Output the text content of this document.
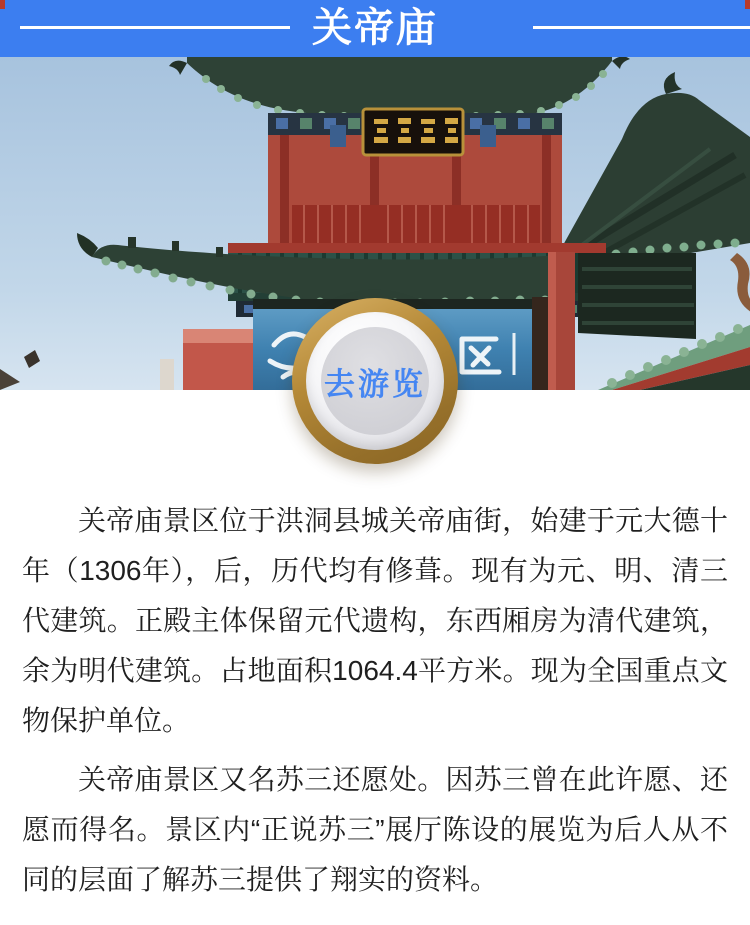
关帝庙
去游览

关帝庙景区位于洪洞县城关帝庙街，始建于元大德十年（1306年），后，历代均有修葺。现有为元、明、清三代建筑。正殿主体保留元代遗构，东西厢房为清代建筑，余为明代建筑。占地面积1064.4平方米。现为全国重点文物保护单位。

关帝庙景区又名苏三还愿处。因苏三曾在此许愿、还愿而得名。景区内“正说苏三”展厅陈设的展览为后人从不同的层面了解苏三提供了翔实的资料。
